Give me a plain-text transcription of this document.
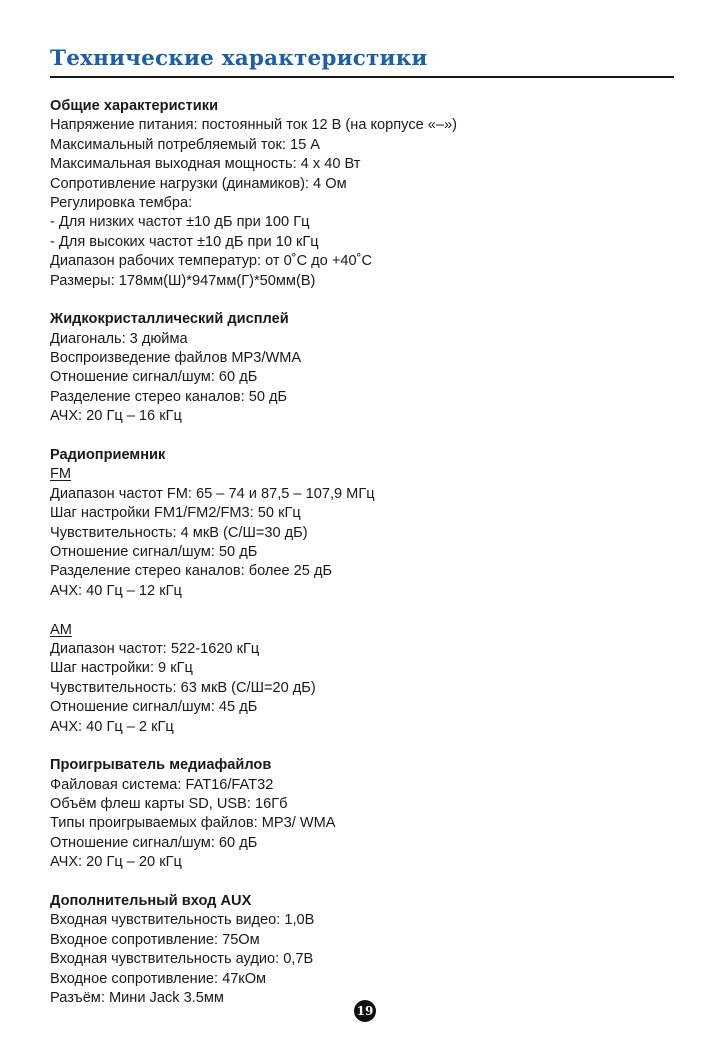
Технические характеристики
Общие характеристики
Напряжение питания: постоянный ток 12 В (на корпусе «–»)
Максимальный потребляемый ток: 15 А
Максимальная выходная мощность: 4 х 40 Вт
Сопротивление нагрузки (динамиков): 4 Ом
Регулировка тембра:
- Для низких частот ±10 дБ при 100 Гц
- Для высоких частот ±10 дБ при 10 кГц
Диапазон рабочих температур: от 0˚С до +40˚С
Размеры: 178мм(Ш)*947мм(Г)*50мм(В)
Жидкокристаллический дисплей
Диагональ: 3 дюйма
Воспроизведение файлов MP3/WMA
Отношение сигнал/шум: 60 дБ
Разделение стерео каналов: 50 дБ
АЧХ: 20 Гц – 16 кГц
Радиоприемник
FM
Диапазон частот FM: 65 – 74 и 87,5 – 107,9 МГц
Шаг настройки FM1/FM2/FM3: 50 кГц
Чувствительность: 4 мкВ (С/Ш=30 дБ)
Отношение сигнал/шум: 50 дБ
Разделение стерео каналов: более 25 дБ
АЧХ: 40 Гц – 12 кГц
AM
Диапазон частот: 522-1620 кГц
Шаг настройки: 9 кГц
Чувствительность: 63 мкВ (С/Ш=20 дБ)
Отношение сигнал/шум: 45 дБ
АЧХ: 40 Гц – 2 кГц
Проигрыватель медиафайлов
Файловая система: FAT16/FAT32
Объём флеш карты SD, USB: 16Гб
Типы проигрываемых файлов: MP3/ WMA
Отношение сигнал/шум: 60 дБ
АЧХ: 20 Гц – 20 кГц
Дополнительный вход AUX
Входная чувствительность видео: 1,0В
Входное сопротивление: 75Ом
Входная чувствительность аудио: 0,7В
Входное сопротивление: 47кОм
Разъём: Мини Jack 3.5мм
19
